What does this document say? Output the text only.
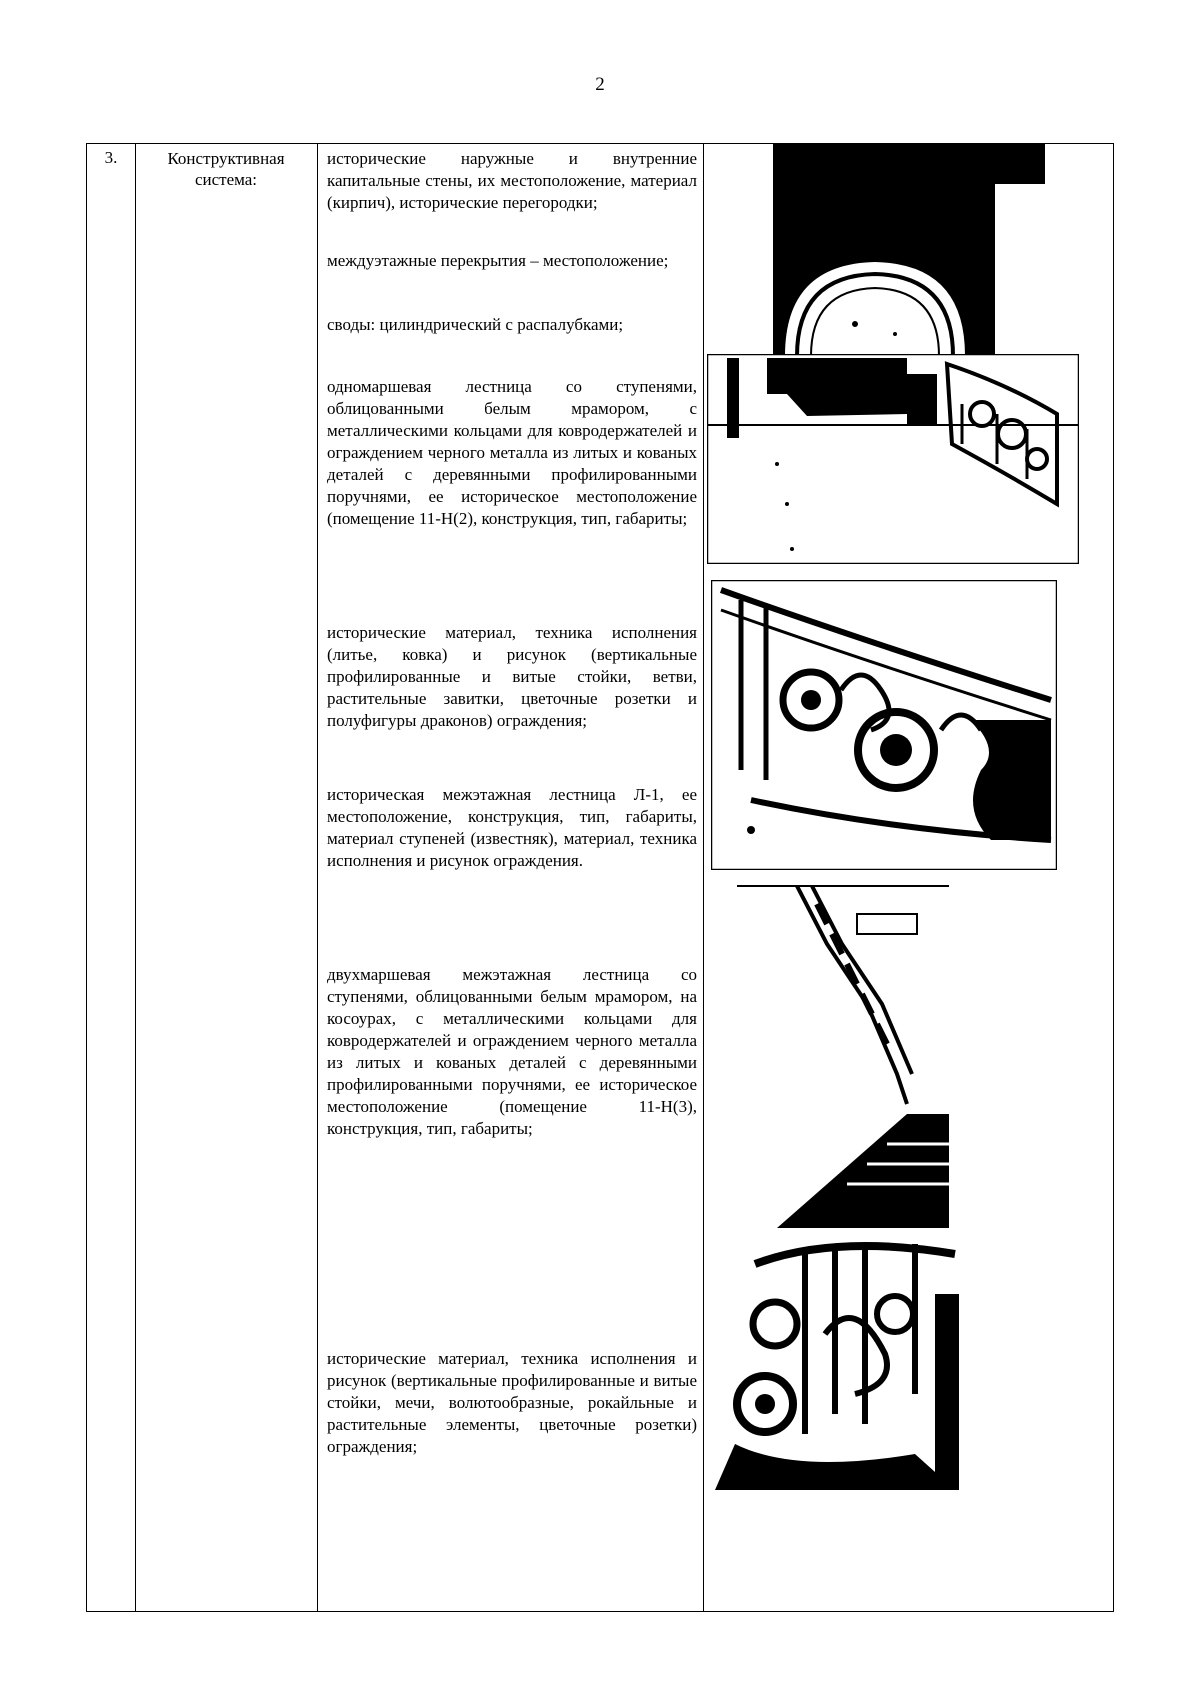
2
3.	Конструктивная система:
исторические наружные и внутренние капитальные стены, их местоположение, материал (кирпич), исторические перегородки;
междуэтажные перекрытия – местоположение;
своды: цилиндрический с распалубками;
одномаршевая лестница со ступенями, облицованными белым мрамором, с металлическими кольцами для ковродержателей и ограждением черного металла из литых и кованых деталей с деревянными профилированными поручнями, ее историческое местоположение (помещение 11-Н(2), конструкция, тип, габариты;
исторические материал, техника исполнения (литье, ковка) и рисунок (вертикальные профилированные и витые стойки, ветви, растительные завитки, цветочные розетки и полуфигуры драконов) ограждения;
историческая межэтажная лестница Л-1, ее местоположение, конструкция, тип, габариты, материал ступеней (известняк), материал, техника исполнения и рисунок ограждения.
двухмаршевая межэтажная лестница со ступенями, облицованными белым мрамором, на косоурах, с металлическими кольцами для ковродержателей и ограждением черного металла из литых и кованых деталей с деревянными профилированными поручнями, ее историческое местоположение (помещение 11-Н(3), конструкция, тип, габариты;
исторические материал, техника исполнения и рисунок (вертикальные профилированные и витые стойки, мечи, волютообразные, рокайльные и растительные элементы, цветочные розетки) ограждения;
